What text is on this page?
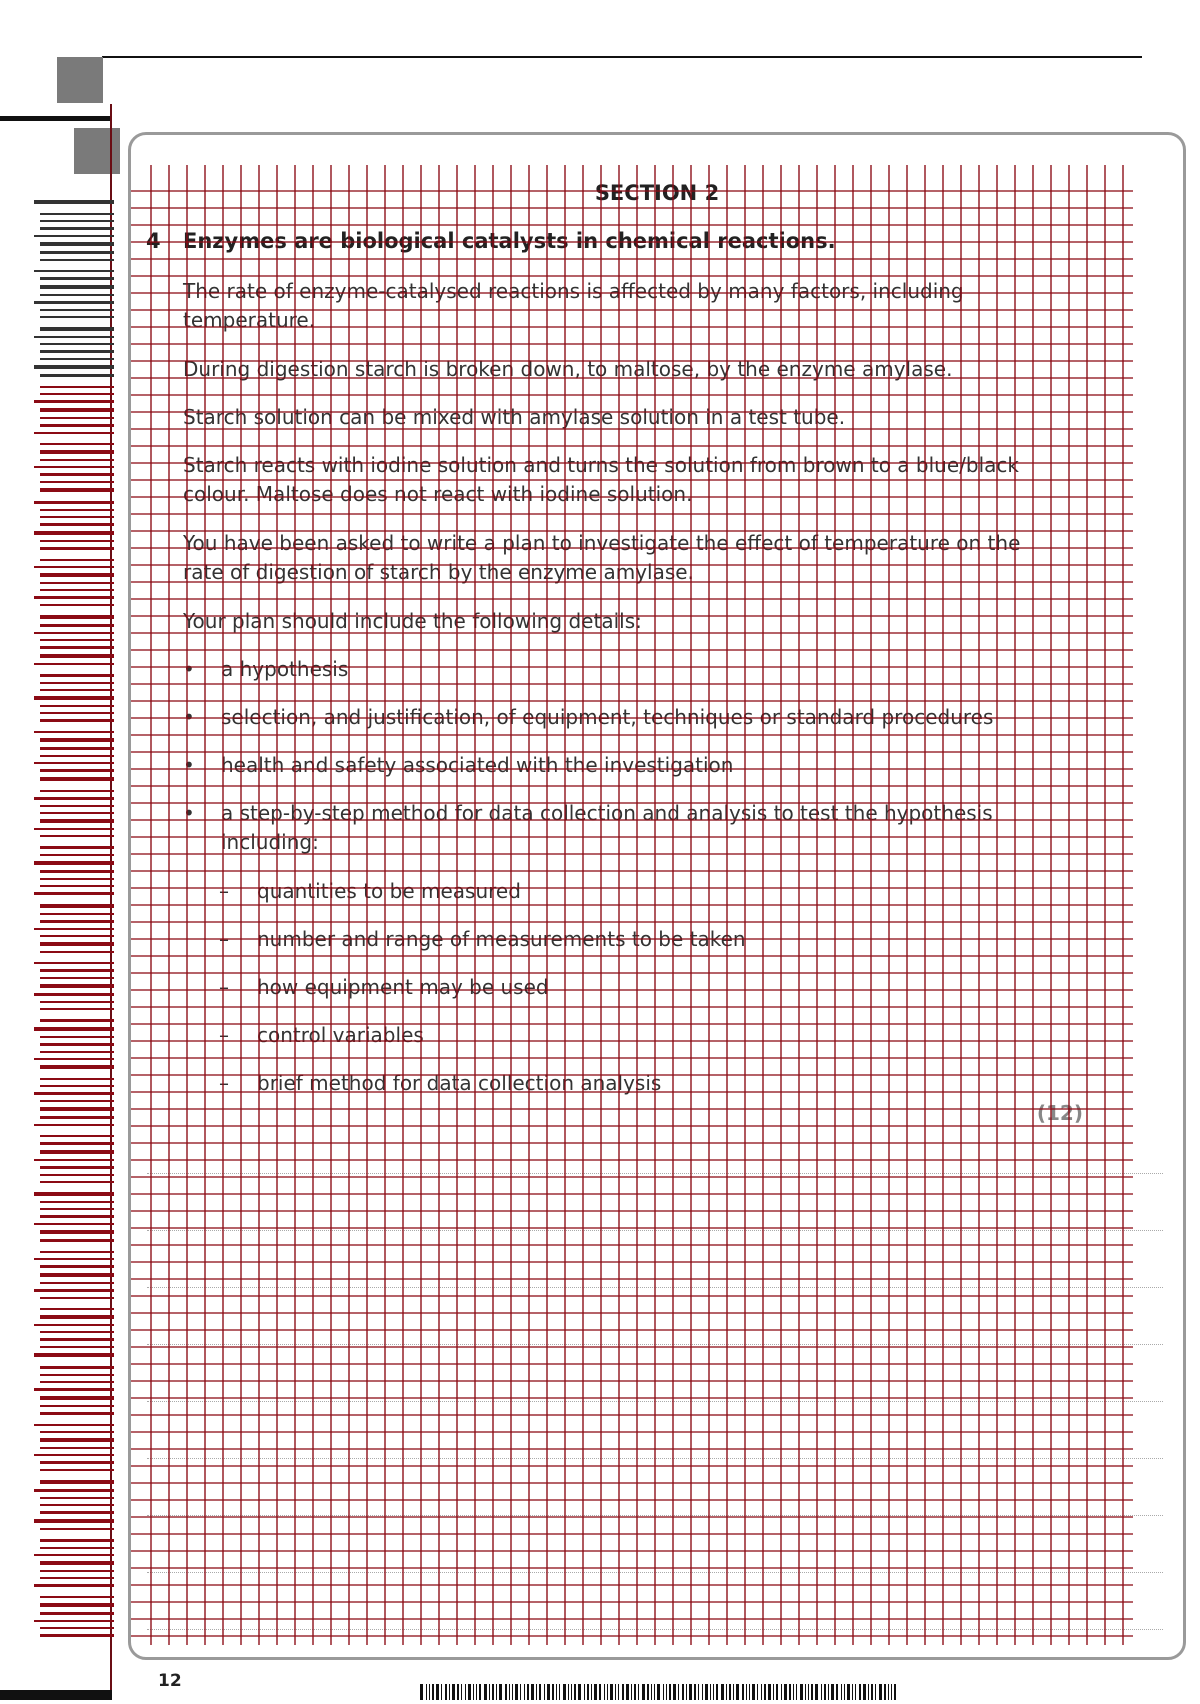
SECTION 2
4 Enzymes are biological catalysts in chemical reactions.
The rate of enzyme-catalysed reactions is affected by many factors, including temperature.
During digestion starch is broken down, to maltose, by the enzyme amylase.
Starch solution can be mixed with amylase solution in a test tube.
Starch reacts with iodine solution and turns the solution from brown to a blue/black colour. Maltose does not react with iodine solution.
You have been asked to write a plan to investigate the effect of temperature on the rate of digestion of starch by the enzyme amylase.
Your plan should include the following details:
•	a hypothesis
•	selection, and justification, of equipment, techniques or standard procedures
•	health and safety associated with the investigation
•	a step-by-step method for data collection and analysis to test the hypothesis including:
–	quantities to be measured
–	number and range of measurements to be taken
–	how equipment may be used
–	control variables
–	brief method for data collection analysis
(12)
12
